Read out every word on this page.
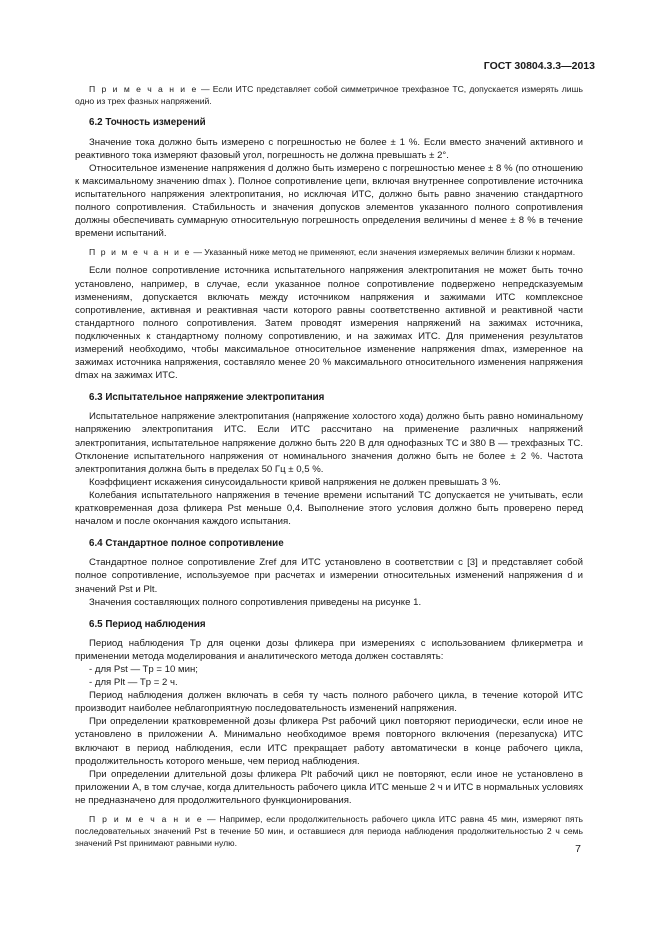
ГОСТ 30804.3.3—2013

П р и м е ч а н и е — Если ИТС представляет собой симметричное трехфазное ТС, допускается измерять лишь одно из трех фазных напряжений.

6.2 Точность измерений

Значение тока должно быть измерено с погрешностью не более ± 1 %. Если вместо значений активного и реактивного тока измеряют фазовый угол, погрешность не должна превышать ± 2°.

Относительное изменение напряжения d должно быть измерено с погрешностью менее ± 8 % (по отношению к максимальному значению dmax ). Полное сопротивление цепи, включая внутреннее сопротивление источника испытательного напряжения электропитания, но исключая ИТС, должно быть равно значению стандартного полного сопротивления. Стабильность и значения допусков элементов указанного полного сопротивления должны обеспечивать суммарную относительную погрешность определения величины d менее ± 8 % в течение времени испытаний.

П р и м е ч а н и е — Указанный ниже метод не применяют, если значения измеряемых величин близки к нормам.

Если полное сопротивление источника испытательного напряжения электропитания не может быть точно установлено, например, в случае, если указанное полное сопротивление подвержено непредсказуемым изменениям, допускается включать между источником напряжения и зажимами ИТС комплексное сопротивление, активная и реактивная части которого равны соответственно активной и реактивной части стандартного полного сопротивления. Затем проводят измерения напряжений на зажимах источника, подключенных к стандартному полному сопротивлению, и на зажимах ИТС. Для применения результатов измерений необходимо, чтобы максимальное относительное изменение напряжения dmax, измеренное на зажимах источника напряжения, составляло менее 20 % максимального относительного изменения напряжения dmax на зажимах ИТС.

6.3 Испытательное напряжение электропитания

Испытательное напряжение электропитания (напряжение холостого хода) должно быть равно номинальному напряжению электропитания ИТС. Если ИТС рассчитано на применение различных напряжений электропитания, испытательное напряжение должно быть 220 В для однофазных ТС и 380 В — трехфазных ТС. Отклонение испытательного напряжения от номинального значения должно быть не более ± 2 %. Частота электропитания должна быть в пределах 50 Гц ± 0,5 %.

Коэффициент искажения синусоидальности кривой напряжения не должен превышать 3 %.

Колебания испытательного напряжения в течение времени испытаний ТС допускается не учитывать, если кратковременная доза фликера Pst меньше 0,4. Выполнение этого условия должно быть проверено перед началом и после окончания каждого испытания.

6.4 Стандартное полное сопротивление

Стандартное полное сопротивление Zref для ИТС установлено в соответствии с [3] и представляет собой полное сопротивление, используемое при расчетах и измерении относительных изменений напряжения d и значений Pst и Plt.

Значения составляющих полного сопротивления приведены на рисунке 1.

6.5 Период наблюдения

Период наблюдения Tp для оценки дозы фликера при измерениях с использованием фликерметра и применении метода моделирования и аналитического метода должен составлять:

- для Pst — Tp = 10 мин;

- для Plt — Tp = 2 ч.

Период наблюдения должен включать в себя ту часть полного рабочего цикла, в течение которой ИТС производит наиболее неблагоприятную последовательность изменений напряжения.

При определении кратковременной дозы фликера Pst рабочий цикл повторяют периодически, если иное не установлено в приложении А. Минимально необходимое время повторного включения (перезапуска) ИТС включают в период наблюдения, если ИТС прекращает работу автоматически в конце рабочего цикла, продолжительность которого меньше, чем период наблюдения.

При определении длительной дозы фликера Plt рабочий цикл не повторяют, если иное не установлено в приложении А, в том случае, когда длительность рабочего цикла ИТС меньше 2 ч и ИТС в нормальных условиях не предназначено для продолжительного функционирования.

П р и м е ч а н и е — Например, если продолжительность рабочего цикла ИТС равна 45 мин, измеряют пять последовательных значений Pst в течение 50 мин, и оставшиеся для периода наблюдения продолжительностью 2 ч семь значений Pst принимают равными нулю.	7
